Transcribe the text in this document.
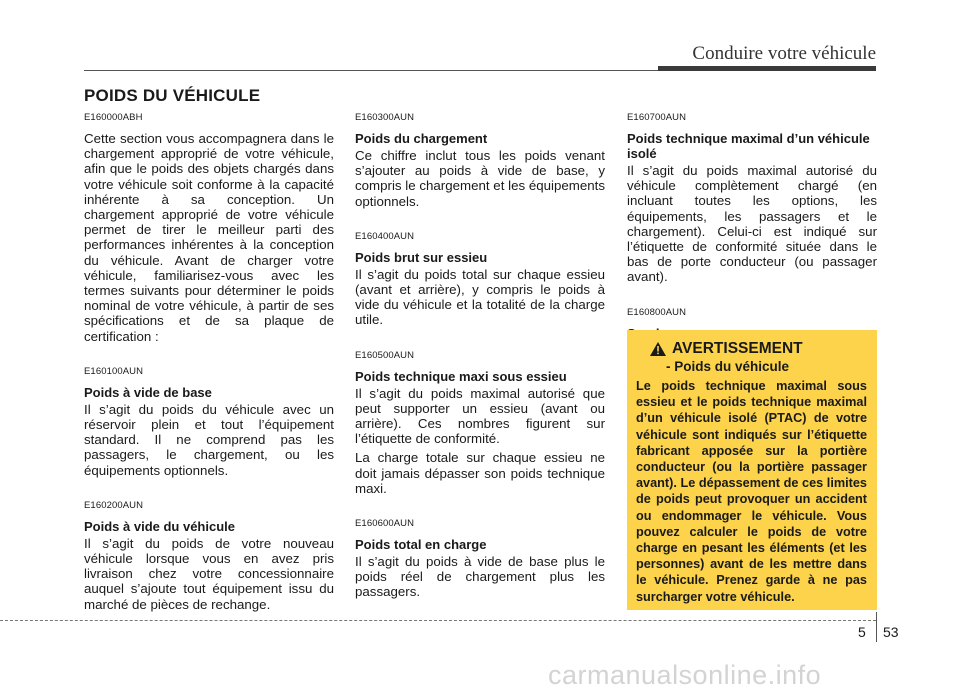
Conduire votre véhicule
POIDS DU VÉHICULE

E160000ABH

Cette section vous accompagnera dans le chargement approprié de votre véhicule, afin que le poids des objets chargés dans votre véhicule soit conforme à la capacité inhérente à sa conception. Un chargement approprié de votre véhicule permet de tirer le meilleur parti des performances inhérentes à la conception du véhicule. Avant de charger votre véhicule, familiarisez-vous avec les termes suivants pour déterminer le poids nominal de votre véhicule, à partir de ses spécifications et de sa plaque de certification :

E160100AUN

Poids à vide de base

Il s’agit du poids du véhicule avec un réservoir plein et tout l’équipement standard. Il ne comprend pas les passagers, le chargement, ou les équipements optionnels.

E160200AUN

Poids à vide du véhicule

Il s’agit du poids de votre nouveau véhicule lorsque vous en avez pris livraison chez votre concessionnaire auquel s’ajoute tout équipement issu du marché de pièces de rechange.

E160300AUN

Poids du chargement

Ce chiffre inclut tous les poids venant s’ajouter au poids à vide de base, y compris le chargement et les équipements optionnels.

E160400AUN

Poids brut sur essieu

Il s’agit du poids total sur chaque essieu (avant et arrière), y compris le poids à vide du véhicule et la totalité de la charge utile.

E160500AUN

Poids technique maxi sous essieu

Il s’agit du poids maximal autorisé que peut supporter un essieu (avant ou arrière). Ces nombres figurent sur l’étiquette de conformité.

La charge totale sur chaque essieu ne doit jamais dépasser son poids technique maxi.

E160600AUN

Poids total en charge

Il s’agit du poids à vide de base plus le poids réel de chargement plus les passagers.

E160700AUN

Poids technique maximal d’un véhicule isolé

Il s’agit du poids maximal autorisé du véhicule complètement chargé (en incluant toutes les options, les équipements, les passagers et le chargement). Celui-ci est indiqué sur l’étiquette de conformité située dans le bas de porte conducteur (ou passager avant).

E160800AUN

AVERTISSEMENT

- Poids du véhicule

Le poids technique maximal sous essieu et le poids technique maximal d’un véhicule isolé (PTAC) de votre véhicule sont indiqués sur l’étiquette fabricant apposée sur la portière conducteur (ou la portière passager avant). Le dépassement de ces limites de poids peut provoquer un accident ou endommager le véhicule. Vous pouvez calculer le poids de votre charge en pesant les éléments (et les personnes) avant de les mettre dans le véhicule. Prenez garde à ne pas surcharger votre véhicule.

5 53
carmanualsonline.info
